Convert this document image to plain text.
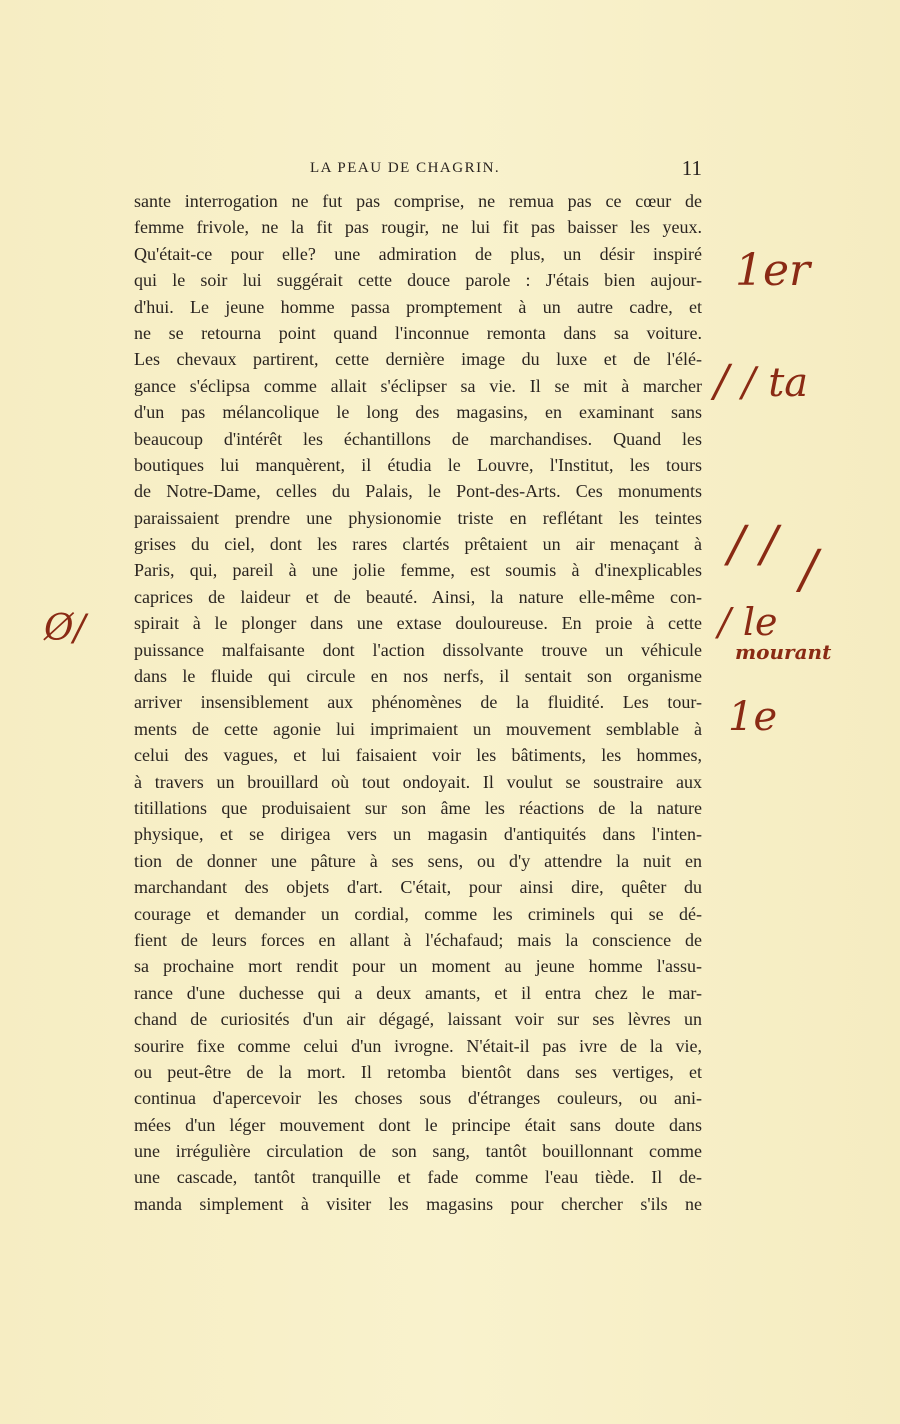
LA PEAU DE CHAGRIN.	11
sante interrogation ne fut pas comprise, ne remua pas ce cœur de
femme frivole, ne la fit pas rougir, ne lui fit pas baisser les yeux.
Qu'était-ce pour elle? une admiration de plus, un désir inspiré
qui le soir lui suggérait cette douce parole : J'étais bien aujour-
d'hui. Le jeune homme passa promptement à un autre cadre, et
ne se retourna point quand l'inconnue remonta dans sa voiture.
Les chevaux partirent, cette dernière image du luxe et de l'élé-
gance s'éclipsa comme allait s'éclipser sa vie. Il se mit à marcher
d'un pas mélancolique le long des magasins, en examinant sans
beaucoup d'intérêt les échantillons de marchandises. Quand les
boutiques lui manquèrent, il étudia le Louvre, l'Institut, les tours
de Notre-Dame, celles du Palais, le Pont-des-Arts. Ces monuments
paraissaient prendre une physionomie triste en reflétant les teintes
grises du ciel, dont les rares clartés prêtaient un air menaçant à
Paris, qui, pareil à une jolie femme, est soumis à d'inexplicables
caprices de laideur et de beauté. Ainsi, la nature elle-même con-
spirait à le plonger dans une extase douloureuse. En proie à cette
puissance malfaisante dont l'action dissolvante trouve un véhicule
dans le fluide qui circule en nos nerfs, il sentait son organisme
arriver insensiblement aux phénomènes de la fluidité. Les tour-
ments de cette agonie lui imprimaient un mouvement semblable à
celui des vagues, et lui faisaient voir les bâtiments, les hommes,
à travers un brouillard où tout ondoyait. Il voulut se soustraire aux
titillations que produisaient sur son âme les réactions de la nature
physique, et se dirigea vers un magasin d'antiquités dans l'inten-
tion de donner une pâture à ses sens, ou d'y attendre la nuit en
marchandant des objets d'art. C'était, pour ainsi dire, quêter du
courage et demander un cordial, comme les criminels qui se dé-
fient de leurs forces en allant à l'échafaud; mais la conscience de
sa prochaine mort rendit pour un moment au jeune homme l'assu-
rance d'une duchesse qui a deux amants, et il entra chez le mar-
chand de curiosités d'un air dégagé, laissant voir sur ses lèvres un
sourire fixe comme celui d'un ivrogne. N'était-il pas ivre de la vie,
ou peut-être de la mort. Il retomba bientôt dans ses vertiges, et
continua d'apercevoir les choses sous d'étranges couleurs, ou ani-
mées d'un léger mouvement dont le principe était sans doute dans
une irrégulière circulation de son sang, tantôt bouillonnant comme
une cascade, tantôt tranquille et fade comme l'eau tiède. Il de-
manda simplement à visiter les magasins pour chercher s'ils ne
1er
/ / ta
/ / /
/ le
mourant
Ø/
1e
